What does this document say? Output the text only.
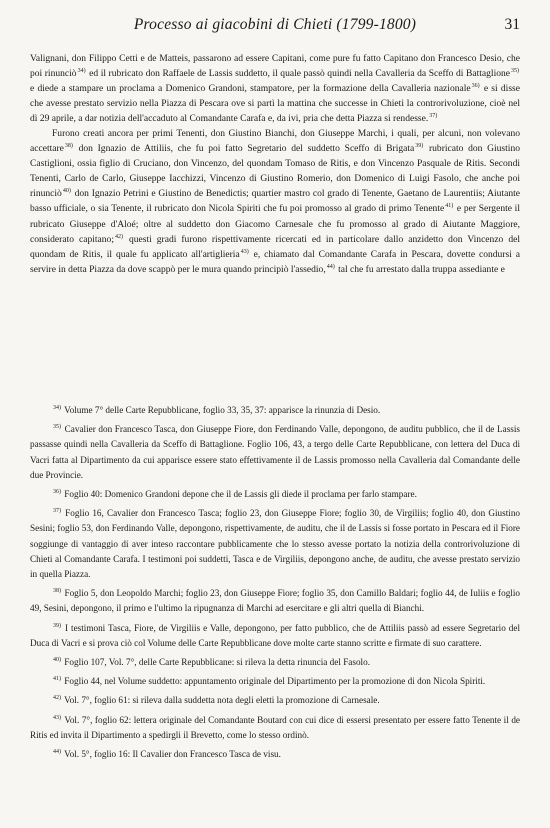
Processo ai giacobini di Chieti (1799-1800)	31

Valignani, don Filippo Cetti e de Matteis, passarono ad essere Capitani, come pure fu fatto Capitano don Francesco Desio, che poi rinunciò$^{34)}$ ed il rubricato don Raffaele de Lassis suddetto, il quale passò quindi nella Cavalleria da Sceffo di Battaglione$^{35)}$ e diede a stampare un proclama a Domenico Grandoni, stampatore, per la formazione della Cavalleria nazionale$^{36)}$ e si disse che avesse prestato servizio nella Piazza di Pescara ove si partì la mattina che successe in Chieti la controrivoluzione, cioè nel dì 29 aprile, a dar notizia dell'accaduto al Comandante Carafa e, da ivi, pria che detta Piazza si rendesse.$^{37)}$

Furono creati ancora per primi Tenenti, don Giustino Bianchi, don Giuseppe Marchi, i quali, per alcuni, non volevano accettare$^{38)}$ don Ignazio de Attiliis, che fu poi fatto Segretario del suddetto Sceffo di Brigata$^{39)}$ rubricato don Giustino Castiglioni, ossia figlio di Cruciano, don Vincenzo, del quondam Tomaso de Ritis, e don Vincenzo Pasquale de Ritis. Secondi Tenenti, Carlo de Carlo, Giuseppe Iacchizzi, Vincenzo di Giustino Romerio, don Domenico di Luigi Fasolo, che anche poi rinunciò$^{40)}$ don Ignazio Petrini e Giustino de Benedictis; quartier mastro col grado di Tenente, Gaetano de Laurentiis; Aiutante basso ufficiale, o sia Tenente, il rubricato don Nicola Spiriti che fu poi promosso al grado di primo Tenente$^{41)}$ e per Sergente il rubricato Giuseppe d'Aloé; oltre al suddetto don Giacomo Carnesale che fu promosso al grado di Aiutante Maggiore, considerato capitano;$^{42)}$ questi gradi furono rispettivamente ricercati ed in particolare dallo anzidetto don Vincenzo del quondam de Ritis, il quale fu applicato all'artiglieria$^{43)}$ e, chiamato dal Comandante Carafa in Pescara, dovette condursi a servire in detta Piazza da dove scappò per le mura quando principiò l'assedio,$^{44)}$ tal che fu arrestato dalla truppa assediante e

$^{34)}$ Volume 7° delle Carte Repubblicane, foglio 33, 35, 37: apparisce la rinunzia di Desio.

$^{35)}$ Cavalier don Francesco Tasca, don Giuseppe Fiore, don Ferdinando Valle, depongono, de auditu pubblico, che il de Lassis passasse quindi nella Cavalleria da Sceffo di Battaglione. Foglio 106, 43, a tergo delle Carte Repubblicane, con lettera del Duca di Vacri fatta al Dipartimento da cui apparisce essere stato effettivamente il de Lassis promosso nella Cavalleria dal Comandante delle due Provincie.

$^{36)}$ Foglio 40: Domenico Grandoni depone che il de Lassis gli diede il proclama per farlo stampare.

$^{37)}$ Foglio 16, Cavalier don Francesco Tasca; foglio 23, don Giuseppe Fiore; foglio 30, de Virgiliis; foglio 40, don Giustino Sesini; foglio 53, don Ferdinando Valle, depongono, rispettivamente, de auditu, che il de Lassis si fosse portato in Pescara ed il Fiore soggiunge di vantaggio di aver inteso raccontare pubblicamente che lo stesso avesse portato la notizia della controrivoluzione di Chieti al Comandante Carafa. I testimoni poi suddetti, Tasca e de Virgiliis, depongono anche, de auditu, che avesse prestato servizio in quella Piazza.

$^{38)}$ Foglio 5, don Leopoldo Marchi; foglio 23, don Giuseppe Fiore; foglio 35, don Camillo Baldari; foglio 44, de Iuliis e foglio 49, Sesini, depongono, il primo e l'ultimo la ripugnanza di Marchi ad esercitare e gli altri quella di Bianchi.

$^{39)}$ I testimoni Tasca, Fiore, de Virgiliis e Valle, depongono, per fatto pubblico, che de Attiliis passò ad essere Segretario del Duca di Vacri e si prova ciò col Volume delle Carte Repubblicane dove molte carte stanno scritte e firmate di suo carattere.

$^{40)}$ Foglio 107, Vol. 7°, delle Carte Repubblicane: si rileva la detta rinuncia del Fasolo.

$^{41)}$ Foglio 44, nel Volume suddetto: appuntamento originale del Dipartimento per la promozione di don Nicola Spiriti.

$^{42)}$ Vol. 7°, foglio 61: si rileva dalla suddetta nota degli eletti la promozione di Carnesale.

$^{43)}$ Vol. 7°, foglio 62: lettera originale del Comandante Boutard con cui dice di essersi presentato per essere fatto Tenente il de Ritis ed invita il Dipartimento a spedirgli il Brevetto, come lo stesso ordinò.

$^{44)}$ Vol. 5°, foglio 16: Il Cavalier don Francesco Tasca de visu.
